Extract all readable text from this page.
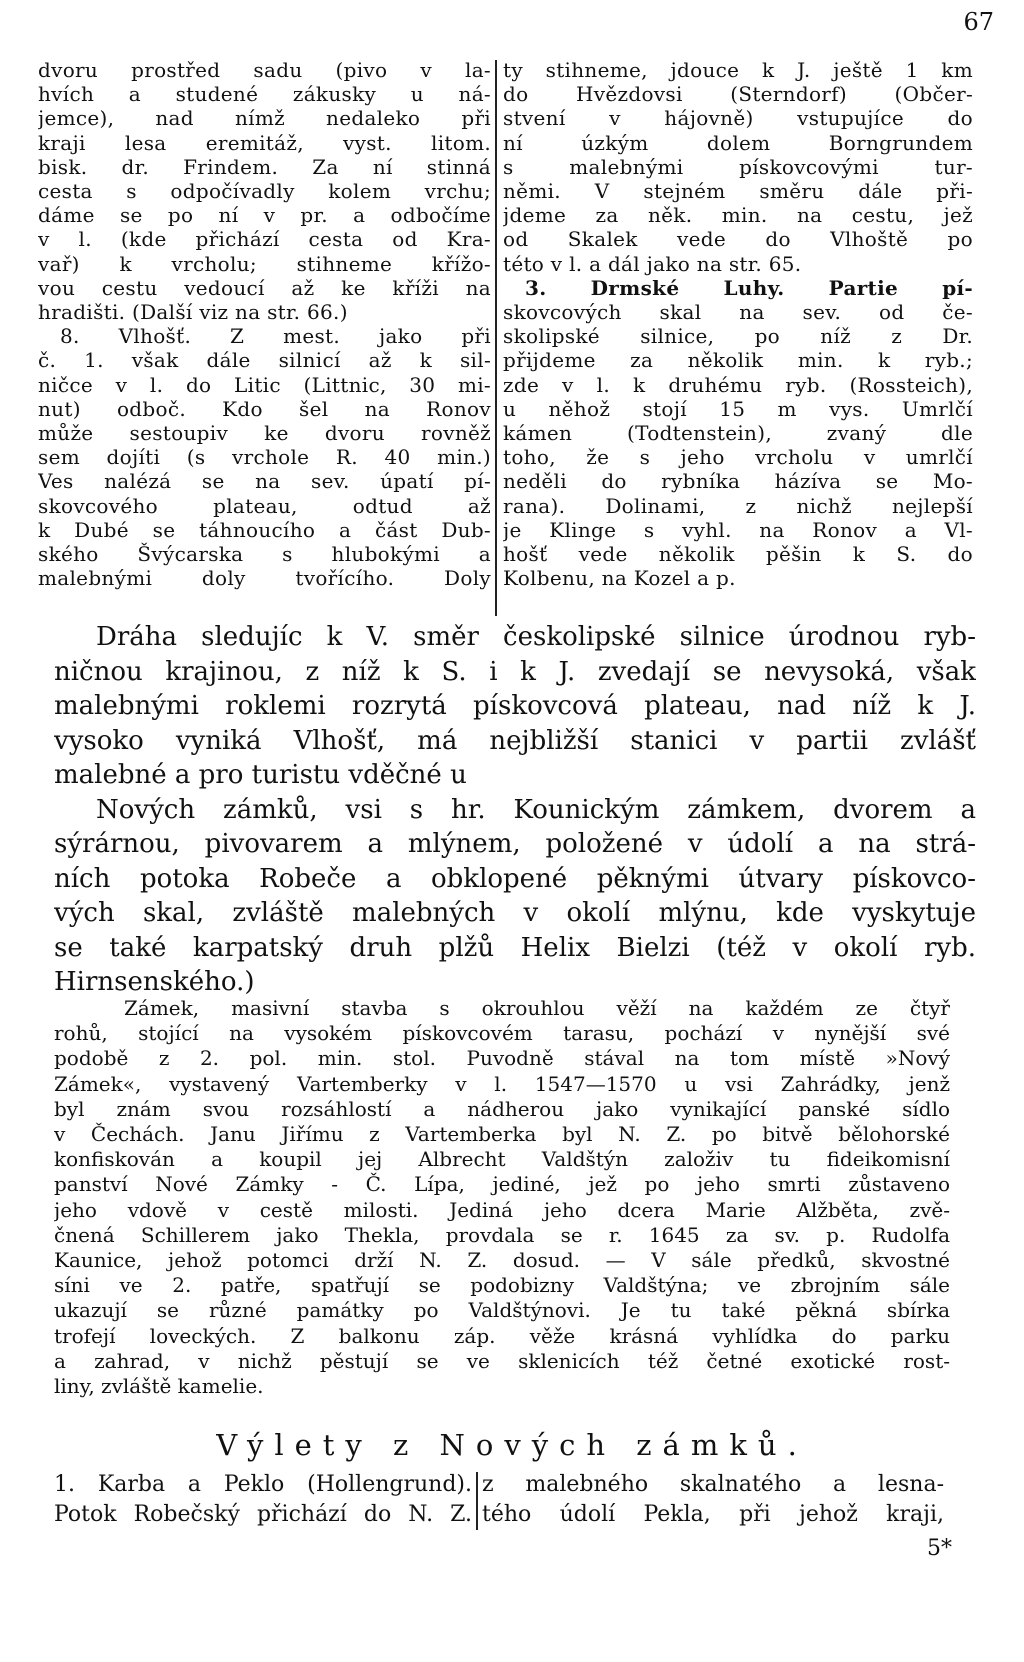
67
dvoru prostřed sadu (pivo v la-
hvích a studené zákusky u ná-
jemce), nad nímž nedaleko při
kraji lesa eremitáž, vyst. litom.
bisk. dr. Frindem. Za ní stinná
cesta s odpočívadly kolem vrchu;
dáme se po ní v pr. a odbočíme
v l. (kde přichází cesta od Kra-
vař) k vrcholu; stihneme křížo-
vou cestu vedoucí až ke kříži na
hradišti. (Další viz na str. 66.)
8. Vlhošť. Z mest. jako při
č. 1. však dále silnicí až k sil-
ničce v l. do Litic (Littnic, 30 mi-
nut) odboč. Kdo šel na Ronov
může sestoupiv ke dvoru rovněž
sem dojíti (s vrchole R. 40 min.)
Ves nalézá se na sev. úpatí pí-
skovcového plateau, odtud až
k Dubé se táhnoucího a část Dub-
ského Švýcarska s hlubokými a
malebnými doly tvořícího. Doly
ty stihneme, jdouce k J. ještě 1 km
do Hvězdovsi (Sterndorf) (Občer-
stvení v hájovně) vstupujíce do
ní úzkým dolem Borngrundem
s malebnými pískovcovými tur-
němi. V stejném směru dále při-
jdeme za něk. min. na cestu, jež
od Skalek vede do Vlhoště po
této v l. a dál jako na str. 65.
3. Drmské Luhy. Partie pí-
skovcových skal na sev. od če-
skolipské silnice, po níž z Dr.
přijdeme za několik min. k ryb.;
zde v l. k druhému ryb. (Rossteich),
u něhož stojí 15 m vys. Umrlčí
kámen (Todtenstein), zvaný dle
toho, že s jeho vrcholu v umrlčí
neděli do rybníka házíva se Mo-
rana). Dolinami, z nichž nejlepší
je Klinge s vyhl. na Ronov a Vl-
hošť vede několik pěšin k S. do
Kolbenu, na Kozel a p.
Dráha sledujíc k V. směr českolipské silnice úrodnou ryb-
ničnou krajinou, z níž k S. i k J. zvedají se nevysoká, však
malebnými roklemi rozrytá pískovcová plateau, nad níž k J.
vysoko vyniká Vlhošť, má nejbližší stanici v partii zvlášť
malebné a pro turistu vděčné u
Nových zámků, vsi s hr. Kounickým zámkem, dvorem a
sýrárnou, pivovarem a mlýnem, položené v údolí a na strá-
ních potoka Robeče a obklopené pěknými útvary pískovco-
vých skal, zvláště malebných v okolí mlýnu, kde vyskytuje
se také karpatský druh plžů Helix Bielzi (též v okolí ryb.
Hirnsenského.)
Zámek, masivní stavba s okrouhlou věží na každém ze čtyř
rohů, stojící na vysokém pískovcovém tarasu, pochází v nynější své
podobě z 2. pol. min. stol. Puvodně stával na tom místě »Nový
Zámek«, vystavený Vartemberky v l. 1547—1570 u vsi Zahrádky, jenž
byl znám svou rozsáhlostí a nádherou jako vynikající panské sídlo
v Čechách. Janu Jiřímu z Vartemberka byl N. Z. po bitvě bělohorské
konfiskován a koupil jej Albrecht Valdštýn založiv tu fideikomisní
panství Nové Zámky - Č. Lípa, jediné, jež po jeho smrti zůstaveno
jeho vdově v cestě milosti. Jediná jeho dcera Marie Alžběta, zvě-
čnená Schillerem jako Thekla, provdala se r. 1645 za sv. p. Rudolfa
Kaunice, jehož potomci drží N. Z. dosud. — V sále předků, skvostné
síni ve 2. patře, spatřují se podobizny Valdštýna; ve zbrojním sále
ukazují se různé památky po Valdštýnovi. Je tu také pěkná sbírka
trofejí loveckých. Z balkonu záp. věže krásná vyhlídka do parku
a zahrad, v nichž pěstují se ve sklenicích též četné exotické rost-
liny, zvláště kamelie.
Výlety z Nových zámků.
1. Karba a Peklo (Hollengrund).
Potok Robečský přichází do N. Z.
z malebného skalnatého a lesna-
tého údolí Pekla, při jehož kraji,
5*
